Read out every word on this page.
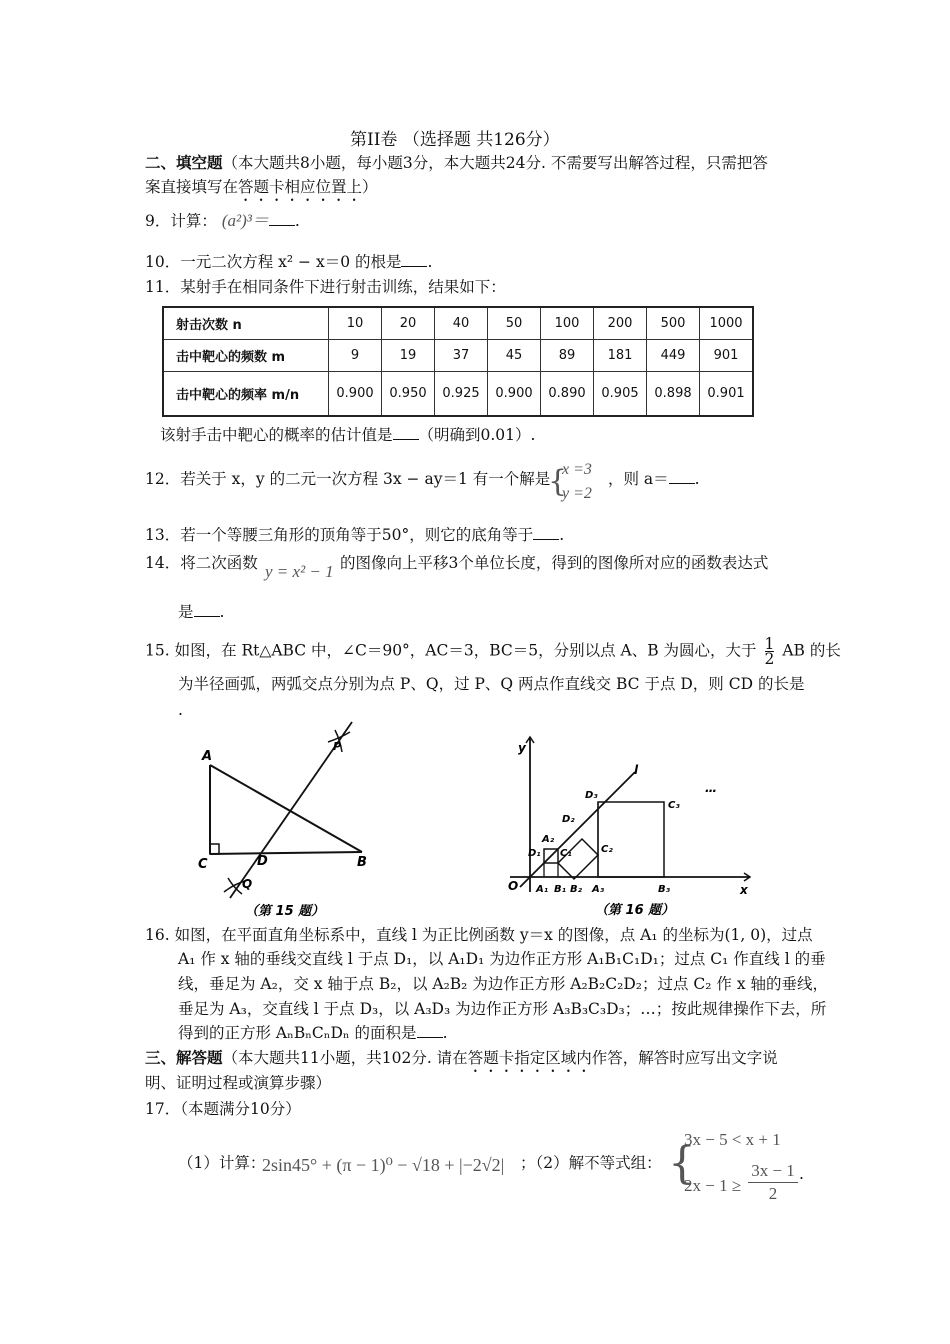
第II卷 （选择题 共126分）
二、填空题（本大题共8小题，每小题3分，本大题共24分. 不需要写出解答过程，只需把答
案直接填写在答题卡相应位置上）
9．计算： (a²)³＝ .
10．一元二次方程 x² − x＝0 的根是 .
11．某射手在相同条件下进行射击训练，结果如下：
射击次数 n	10	20	40	50	100	200	500	1000
击中靶心的频数 m	9	19	37	45	89	181	449	901
击中靶心的频率 m/n	0.900	0.950	0.925	0.900	0.890	0.905	0.898	0.901
该射手击中靶心的概率的估计值是 （明确到0.01）.
12．若关于 x，y 的二元一次方程 3x − ay＝1 有一个解是
{
x =3
y =2
，则 a＝ .
13．若一个等腰三角形的顶角等于50°，则它的底角等于 .
14．将二次函数 y = x² − 1 的图像向上平移3个单位长度，得到的图像所对应的函数表达式
是 .
15. 如图，在 Rt△ABC 中，∠C＝90°，AC＝3，BC＝5，分别以点 A、B 为圆心，大于 $\frac{1}{2}$ AB 的长
为半径画弧，两弧交点分别为点 P、Q，过 P、Q 两点作直线交 BC 于点 D，则 CD 的长是
.
A
C	D	B
P
Q
（第 15 题）
y
x
O
l
A₁ B₁ B₂ A₃	B₃
D₁ C₁
A₂
D₂
C₂
D₃
C₃
…
（第 16 题）
16. 如图，在平面直角坐标系中，直线 l 为正比例函数 y＝x 的图像，点 A₁ 的坐标为(1, 0)，过点
A₁ 作 x 轴的垂线交直线 l 于点 D₁，以 A₁D₁ 为边作正方形 A₁B₁C₁D₁；过点 C₁ 作直线 l 的垂
线，垂足为 A₂，交 x 轴于点 B₂，以 A₂B₂ 为边作正方形 A₂B₂C₂D₂；过点 C₂ 作 x 轴的垂线，
垂足为 A₃，交直线 l 于点 D₃，以 A₃D₃ 为边作正方形 A₃B₃C₃D₃；…；按此规律操作下去，所
得到的正方形 AₙBₙCₙDₙ 的面积是 .
三、解答题（本大题共11小题，共102分. 请在答题卡指定区域内作答，解答时应写出文字说
明、证明过程或演算步骤）
17．（本题满分10分）
（1）计算：
2sin45° + (π − 1)⁰ − √18 + |−2√2| ；（2）解不等式组： {
3x − 5 < x + 1
$2x - 1 \ge \frac{3x - 1}{2}$ .
